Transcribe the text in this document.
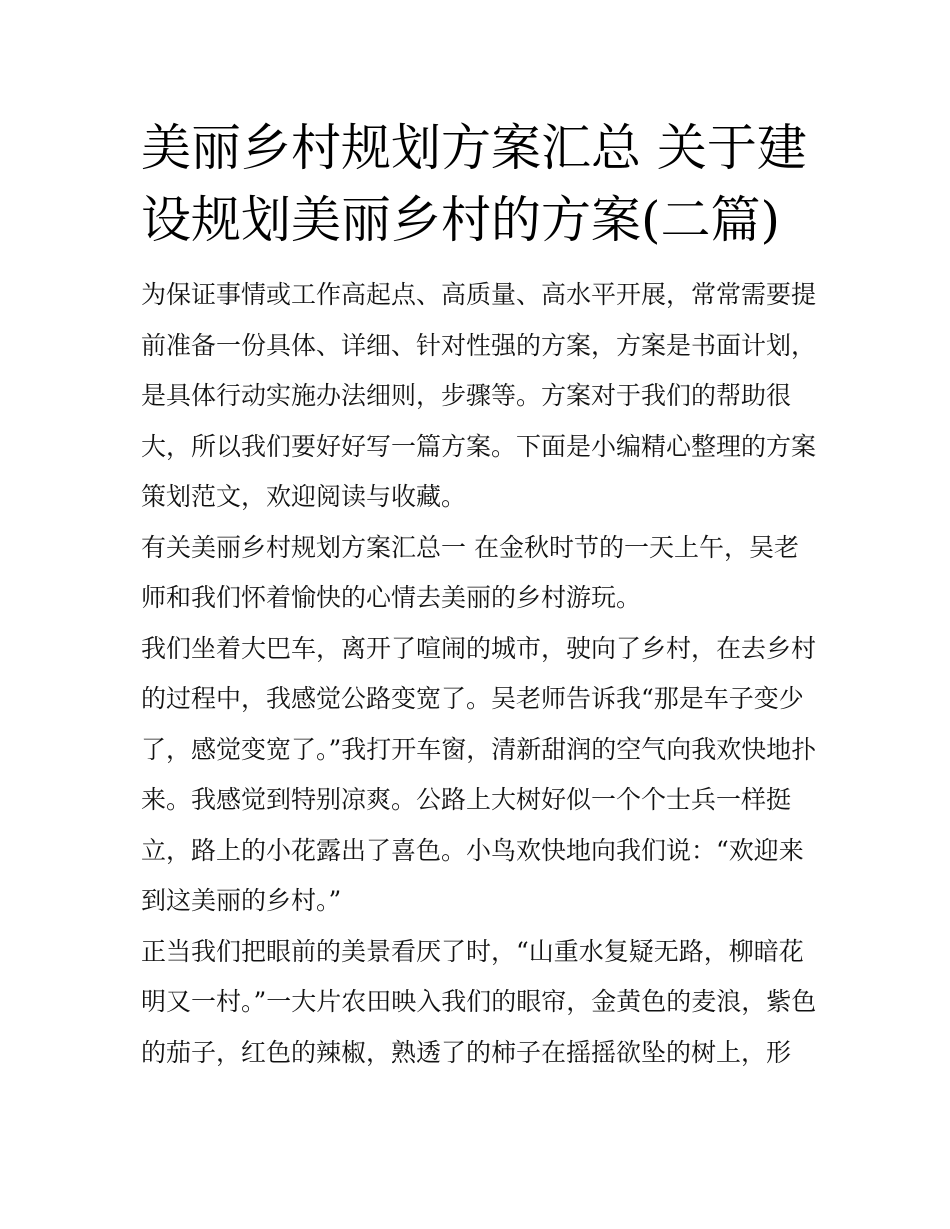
美丽乡村规划方案汇总 关于建设规划美丽乡村的方案(二篇)

为保证事情或工作高起点、高质量、高水平开展，常常需要提前准备一份具体、详细、针对性强的方案，方案是书面计划，是具体行动实施办法细则，步骤等。方案对于我们的帮助很大，所以我们要好好写一篇方案。下面是小编精心整理的方案策划范文，欢迎阅读与收藏。

有关美丽乡村规划方案汇总一 在金秋时节的一天上午，吴老师和我们怀着愉快的心情去美丽的乡村游玩。

我们坐着大巴车，离开了喧闹的城市，驶向了乡村，在去乡村的过程中，我感觉公路变宽了。吴老师告诉我“那是车子变少了，感觉变宽了。”我打开车窗，清新甜润的空气向我欢快地扑来。我感觉到特别凉爽。公路上大树好似一个个士兵一样挺立，路上的小花露出了喜色。小鸟欢快地向我们说：“欢迎来到这美丽的乡村。”

正当我们把眼前的美景看厌了时，“山重水复疑无路，柳暗花明又一村。”一大片农田映入我们的眼帘，金黄色的麦浪，紫色的茄子，红色的辣椒，熟透了的柿子在摇摇欲坠的树上，形
